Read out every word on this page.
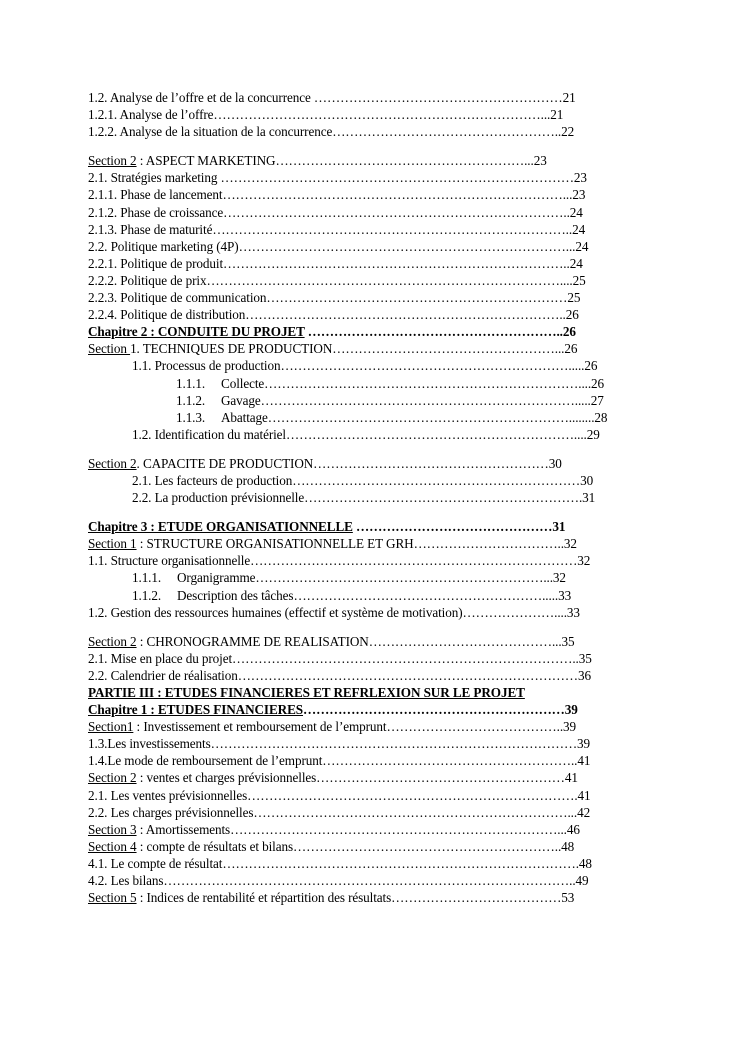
1.2. Analyse de l’offre et de la concurrence …………………………………………………21
1.2.1. Analyse de l’offre…………………………………………………………………...21
1.2.2. Analyse de la situation de la concurrence……………………………………………..22
Section 2 : ASPECT MARKETING…………………………………………………...23
2.1. Stratégies marketing ………………………………………………………………………23
2.1.1. Phase de lancement……………………………………………………………………...23
2.1.2. Phase de croissance……………………………………………………………………..24
2.1.3. Phase de maturité………………………………………………………………………..24
2.2. Politique marketing (4P)…………………………………………………………………...24
2.2.1. Politique de produit……………………………………………………………………..24
2.2.2. Politique de prix………………………………………………………………………....25
2.2.3. Politique de communication……………………………………………………………25
2.2.4. Politique de distribution………………………………………………………………..26
Chapitre 2 : CONDUITE DU PROJET …………………………………………………..26
Section 1. TECHNIQUES DE PRODUCTION……………………………………………...26
1.1. Processus de production………………………………………………………….....26
1.1.1. Collecte………………………………………………………………....26
1.1.2. Gavage……………………………………………………………….....27
1.1.3. Abattage……………………………………………………………........28
1.2. Identification du matériel…………………………………………………………....29
Section 2. CAPACITE DE PRODUCTION………………………………………………30
2.1. Les facteurs de production…………………………………………………………30
2.2. La production prévisionnelle……………………………………………………….31
Chapitre 3 : ETUDE ORGANISATIONNELLE ………………………………………31
Section 1 : STRUCTURE ORGANISATIONNELLE ET GRH……………………………..32
1.1. Structure organisationnelle…………………………………………………………………32
1.1.1. Organigramme…………………………………………………………...32
1.1.2. Description des tâches………………………………………………….....33
1.2. Gestion des ressources humaines (effectif et système de motivation)…………………....33
Section 2 : CHRONOGRAMME DE REALISATION……………………………………...35
2.1. Mise en place du projet……………………………………………………………………..35
2.2. Calendrier de réalisation……………………………………………………………………36
PARTIE III : ETUDES FINANCIERES ET REFRLEXION SUR LE PROJET
Chapitre 1 : ETUDES FINANCIERES……………………………………………………39
Section1 : Investissement et remboursement de l’emprunt…………………………………..39
1.3.Les investissements…………………………………………………………………………39
1.4.Le mode de remboursement de l’emprunt…………………………………………………..41
Section 2 : ventes et charges prévisionnelles…………………………………………………41
2.1. Les ventes prévisionnelles………………………………………………………………….41
2.2. Les charges prévisionnelles………………………………………………………………...42
Section 3 : Amortissements…………………………………………………………………...46
Section 4 : compte de résultats et bilans……………………………………………………..48
4.1. Le compte de résultat……………………………………………………………………….48
4.2. Les bilans…………………………………………………………………………………..49
Section 5 : Indices de rentabilité et répartition des résultats…………………………………53
